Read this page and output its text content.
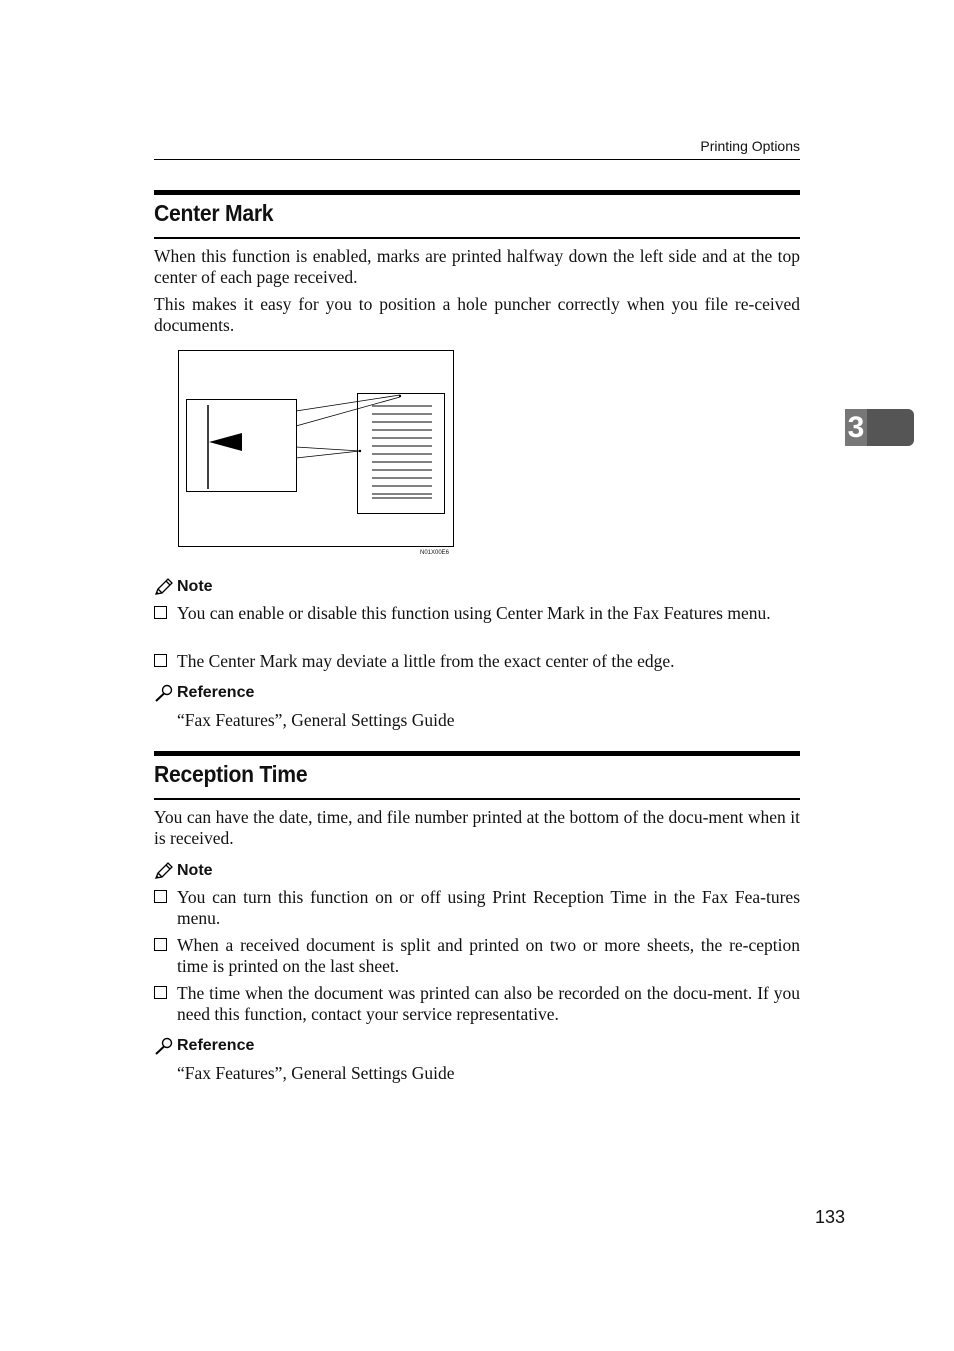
Printing Options
3
Center Mark
When this function is enabled, marks are printed halfway down the left side and at the top center of each page received.
This makes it easy for you to position a hole puncher correctly when you file re-ceived documents.
N01X00E6
Note
You can enable or disable this function using Center Mark in the Fax Features menu.
The Center Mark may deviate a little from the exact center of the edge.
Reference
“Fax Features”, General Settings Guide
Reception Time
You can have the date, time, and file number printed at the bottom of the docu-ment when it is received.
Note
You can turn this function on or off using Print Reception Time in the Fax Fea-tures menu.
When a received document is split and printed on two or more sheets, the re-ception time is printed on the last sheet.
The time when the document was printed can also be recorded on the docu-ment. If you need this function, contact your service representative.
Reference
“Fax Features”, General Settings Guide
133
